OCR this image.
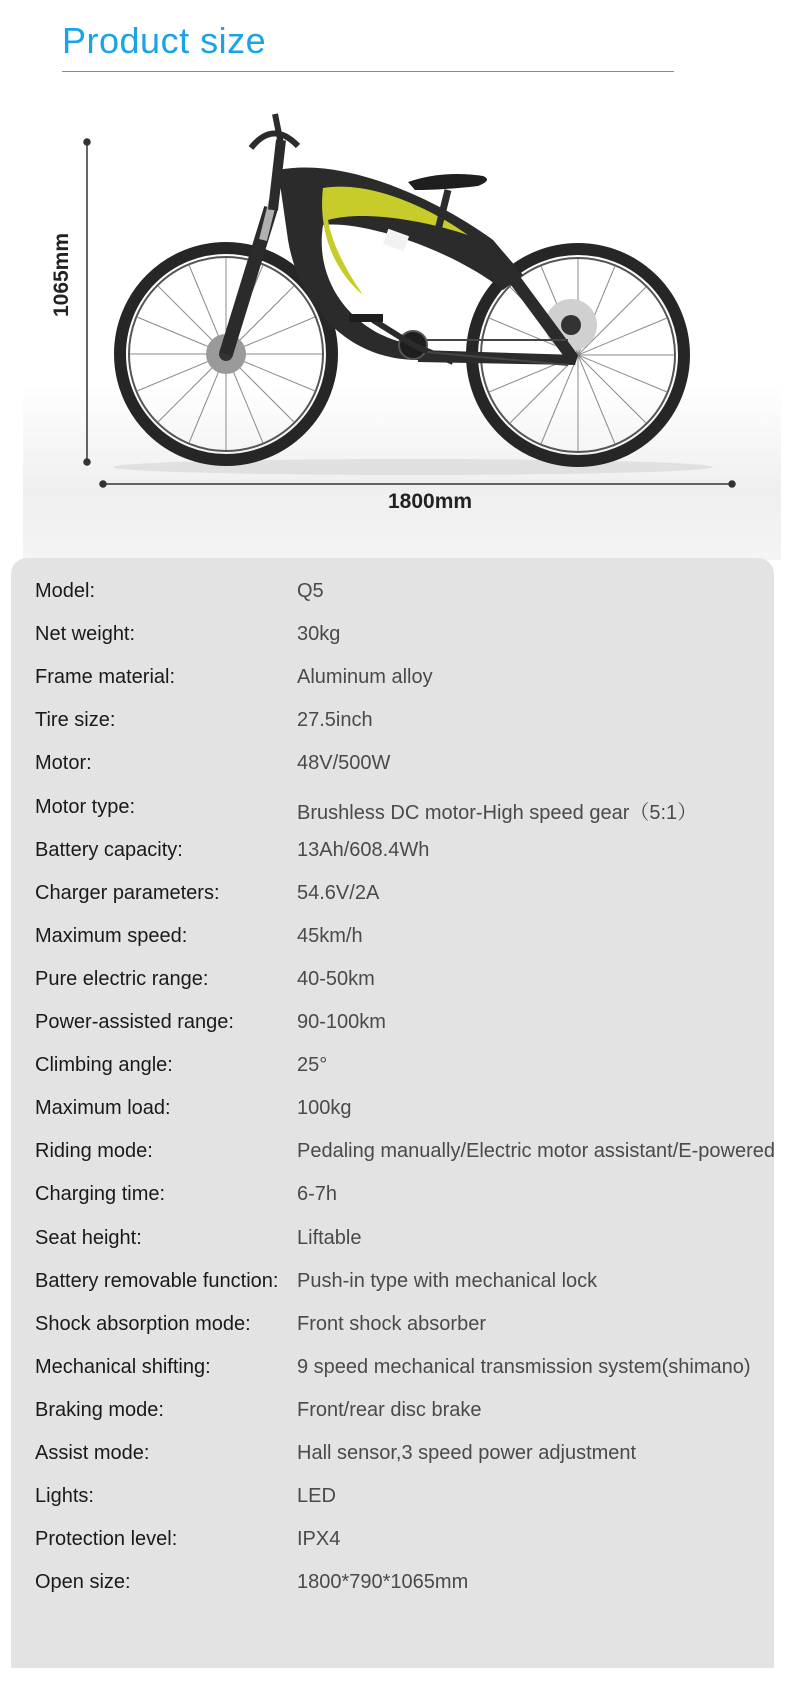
Product size
1065mm
1800mm
Model:	Q5
Net weight:	30kg
Frame material:	Aluminum alloy
Tire size:	27.5inch
Motor:	48V/500W
Motor type:	Brushless DC motor-High speed gear（5:1）
Battery capacity:	13Ah/608.4Wh
Charger parameters:	54.6V/2A
Maximum speed:	45km/h
Pure electric range:	40-50km
Power-assisted range:	90-100km
Climbing angle:	25°
Maximum load:	100kg
Riding mode:	Pedaling manually/Electric motor assistant/E-powered
Charging time:	6-7h
Seat height:	Liftable
Battery removable function: Push-in type with mechanical lock
Shock absorption mode: Front shock absorber
Mechanical shifting:	9 speed mechanical transmission system(shimano)
Braking mode:	Front/rear disc brake
Assist mode:	Hall sensor,3 speed power adjustment
Lights:	LED
Protection level:	IPX4
Open size:	1800*790*1065mm
